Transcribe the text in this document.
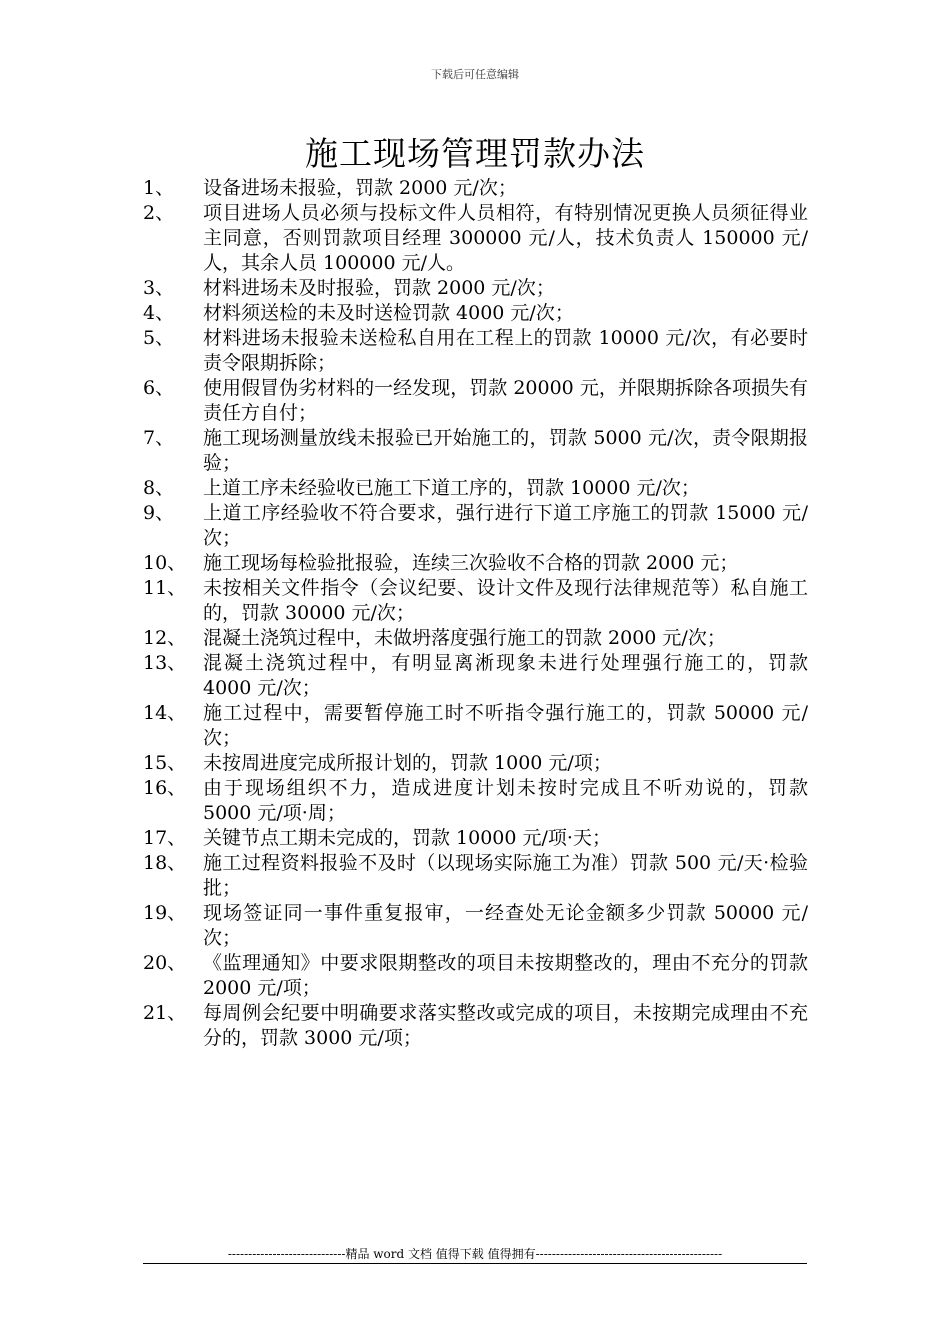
下载后可任意编辑
施工现场管理罚款办法
1、	设备进场未报验，罚款 2000 元/次；
2、	项目进场人员必须与投标文件人员相符，有特别情况更换人员须征得业主同意，否则罚款项目经理 300000 元/人，技术负责人 150000 元/人，其余人员 100000 元/人。
3、	材料进场未及时报验，罚款 2000 元/次；
4、	材料须送检的未及时送检罚款 4000 元/次；
5、	材料进场未报验未送检私自用在工程上的罚款 10000 元/次，有必要时责令限期拆除；
6、	使用假冒伪劣材料的一经发现，罚款 20000 元，并限期拆除各项损失有责任方自付；
7、	施工现场测量放线未报验已开始施工的，罚款 5000 元/次，责令限期报验；
8、	上道工序未经验收已施工下道工序的，罚款 10000 元/次；
9、	上道工序经验收不符合要求，强行进行下道工序施工的罚款 15000 元/次；
10、 施工现场每检验批报验，连续三次验收不合格的罚款 2000 元；
11、 未按相关文件指令（会议纪要、设计文件及现行法律规范等）私自施工的，罚款 30000 元/次；
12、 混凝土浇筑过程中，未做坍落度强行施工的罚款 2000 元/次；
13、 混凝土浇筑过程中，有明显离淅现象未进行处理强行施工的，罚款 4000 元/次；
14、 施工过程中，需要暂停施工时不听指令强行施工的，罚款 50000 元/次；
15、 未按周进度完成所报计划的，罚款 1000 元/项；
16、 由于现场组织不力，造成进度计划未按时完成且不听劝说的，罚款 5000 元/项·周；
17、 关键节点工期未完成的，罚款 10000 元/项·天；
18、 施工过程资料报验不及时（以现场实际施工为准）罚款 500 元/天·检验批；
19、 现场签证同一事件重复报审，一经查处无论金额多少罚款 50000 元/次；
20、 《监理通知》中要求限期整改的项目未按期整改的，理由不充分的罚款 2000 元/项；
21、 每周例会纪要中明确要求落实整改或完成的项目，未按期完成理由不充分的，罚款 3000 元/项；
-----------------------------精品 word 文档 值得下载 值得拥有----------------------------------------------
